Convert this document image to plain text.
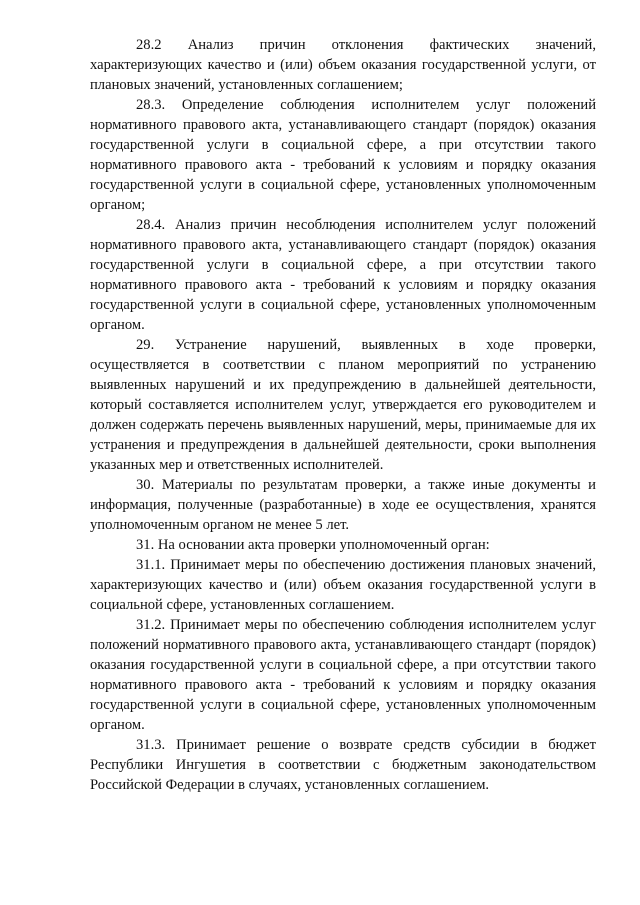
28.2 Анализ причин отклонения фактических значений, характеризующих качество и (или) объем оказания государственной услуги, от плановых значений, установленных соглашением;

28.3. Определение соблюдения исполнителем услуг положений нормативного правового акта, устанавливающего стандарт (порядок) оказания государственной услуги в социальной сфере, а при отсутствии такого нормативного правового акта - требований к условиям и порядку оказания государственной услуги в социальной сфере, установленных уполномоченным органом;

28.4. Анализ причин несоблюдения исполнителем услуг положений нормативного правового акта, устанавливающего стандарт (порядок) оказания государственной услуги в социальной сфере, а при отсутствии такого нормативного правового акта - требований к условиям и порядку оказания государственной услуги в социальной сфере, установленных уполномоченным органом.

29. Устранение нарушений, выявленных в ходе проверки, осуществляется в соответствии с планом мероприятий по устранению выявленных нарушений и их предупреждению в дальнейшей деятельности, который составляется исполнителем услуг, утверждается его руководителем и должен содержать перечень выявленных нарушений, меры, принимаемые для их устранения и предупреждения в дальнейшей деятельности, сроки выполнения указанных мер и ответственных исполнителей.

30. Материалы по результатам проверки, а также иные документы и информация, полученные (разработанные) в ходе ее осуществления, хранятся уполномоченным органом не менее 5 лет.

31. На основании акта проверки уполномоченный орган:

31.1. Принимает меры по обеспечению достижения плановых значений, характеризующих качество и (или) объем оказания государственной услуги в социальной сфере, установленных соглашением.

31.2. Принимает меры по обеспечению соблюдения исполнителем услуг положений нормативного правового акта, устанавливающего стандарт (порядок) оказания государственной услуги в социальной сфере, а при отсутствии такого нормативного правового акта - требований к условиям и порядку оказания государственной услуги в социальной сфере, установленных уполномоченным органом.

31.3. Принимает решение о возврате средств субсидии в бюджет Республики Ингушетия в соответствии с бюджетным законодательством Российской Федерации в случаях, установленных соглашением.
